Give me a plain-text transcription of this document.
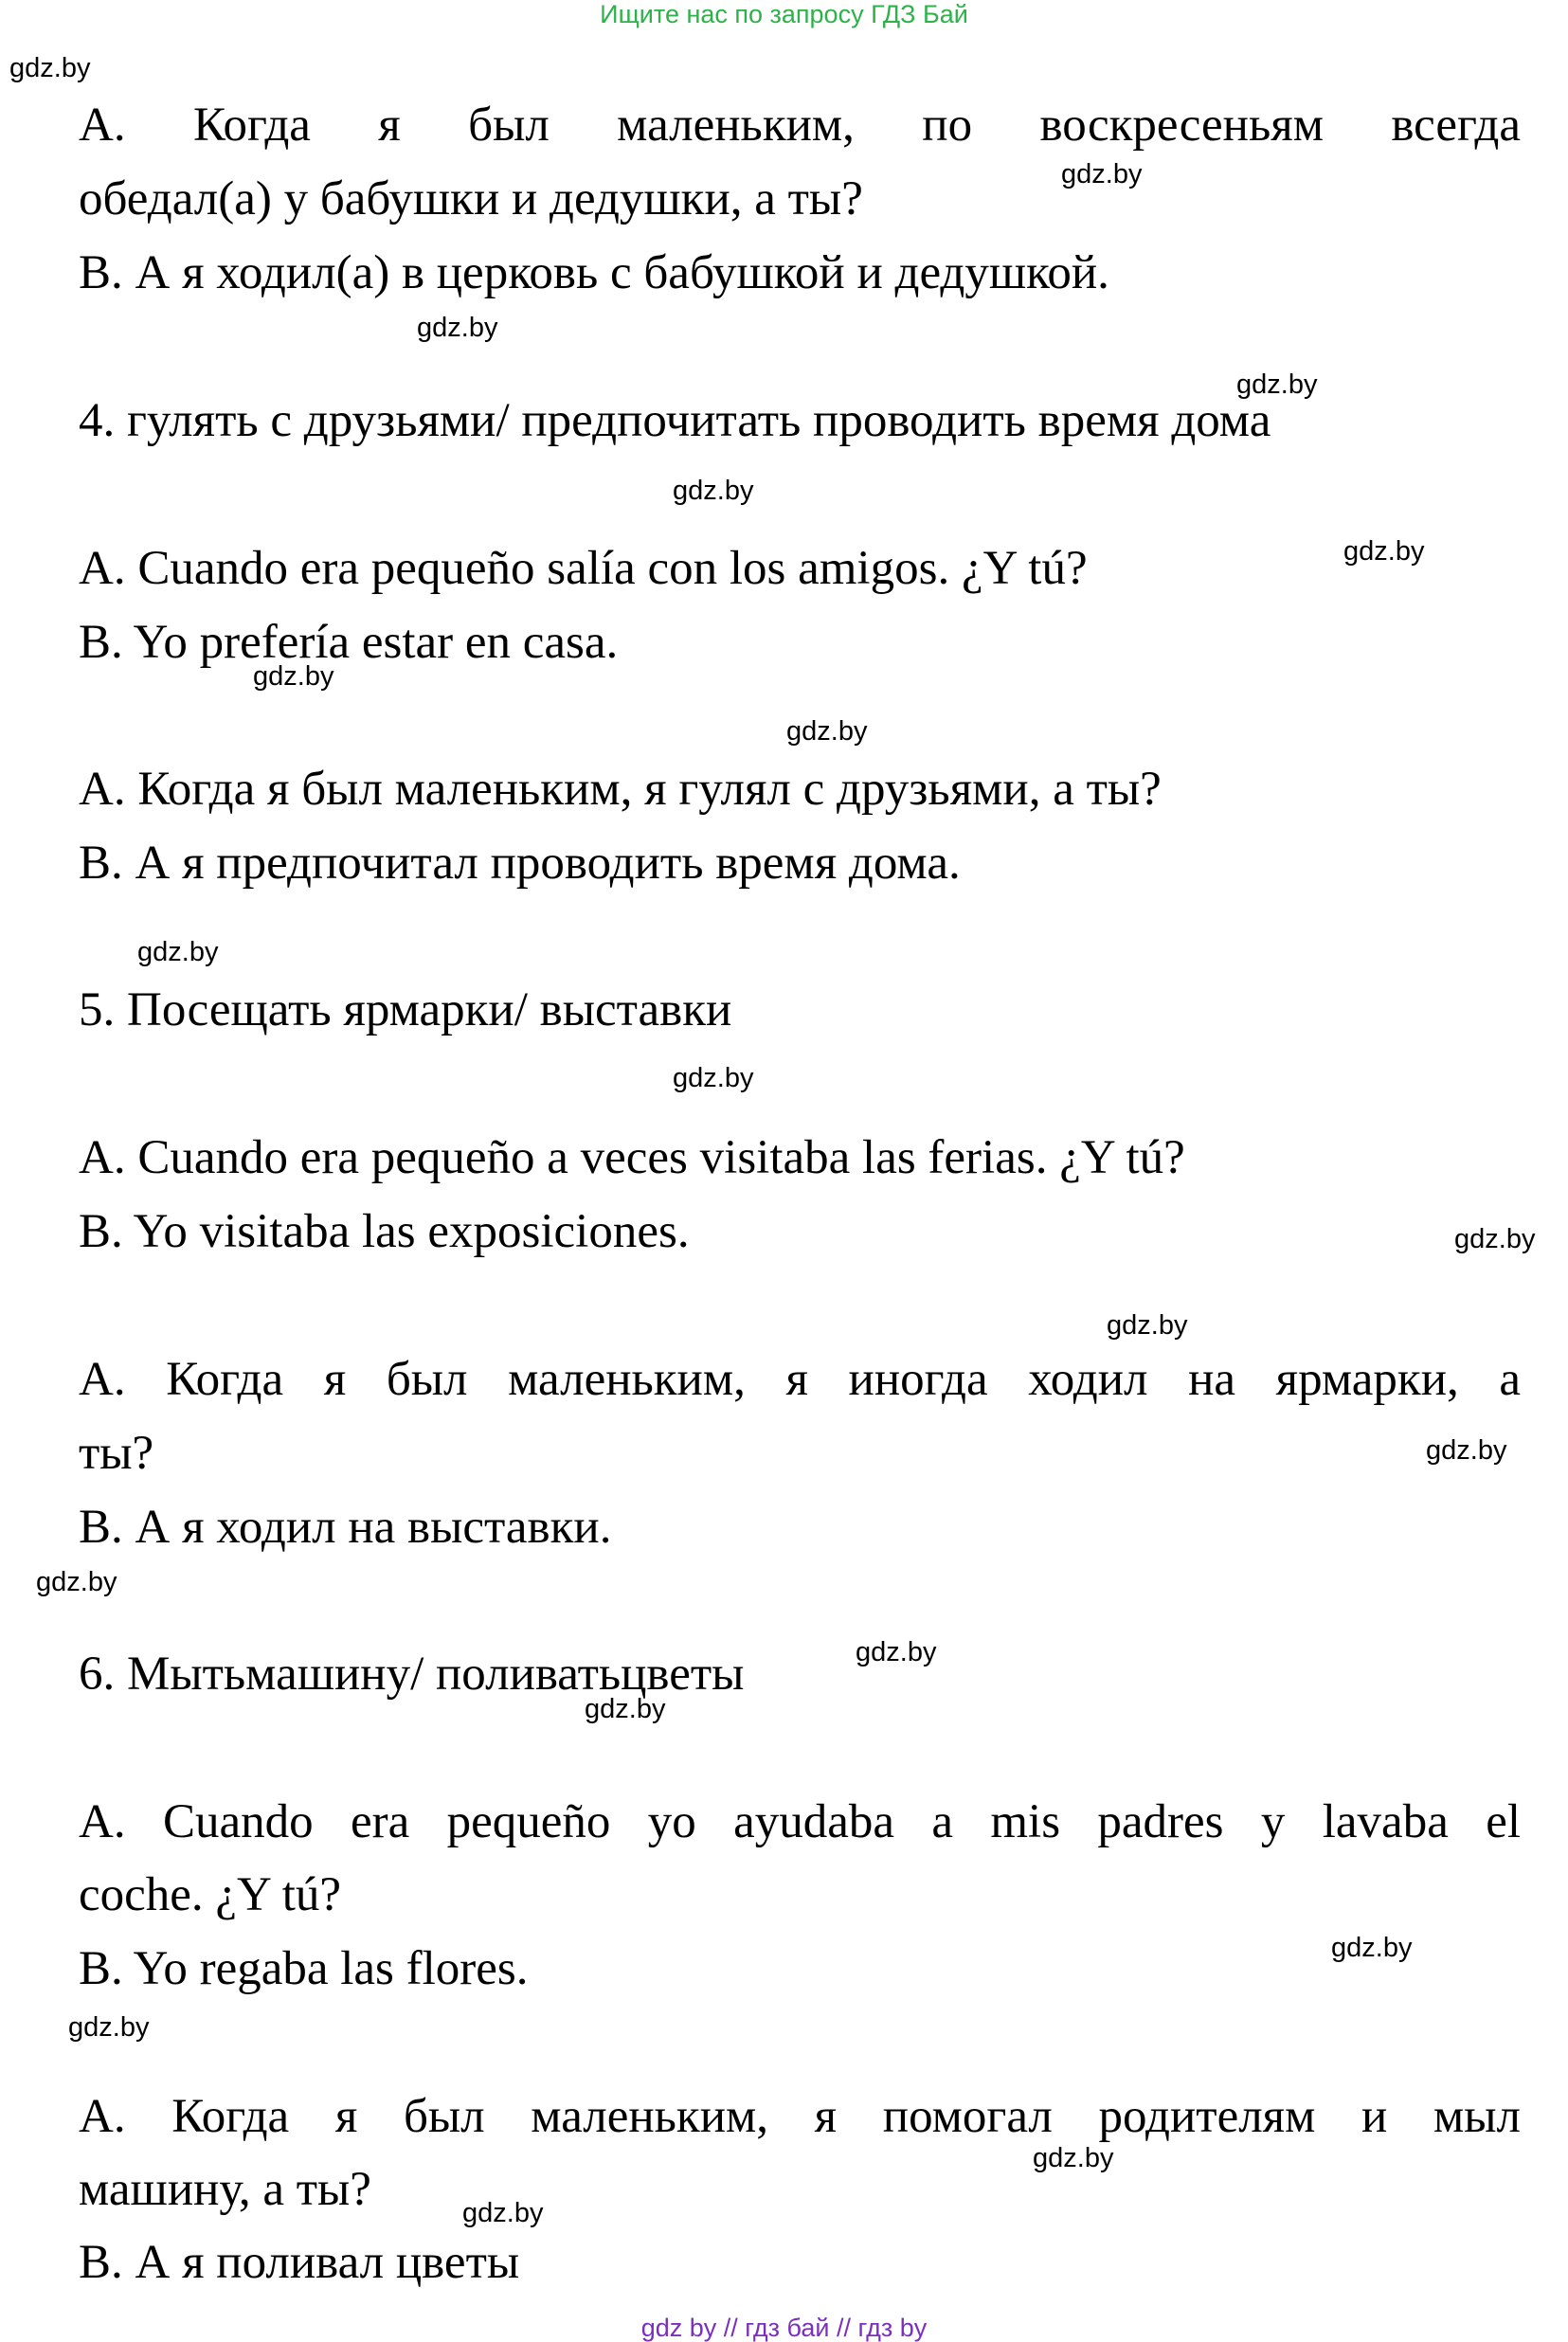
Ищите нас по запросу ГДЗ Бай
A. Когда я был маленьким, по воскресеньям всегда
обедал(а) у бабушки и дедушки, а ты?
B. А я ходил(а) в церковь с бабушкой и дедушкой.
4. гулять с друзьями/ предпочитать проводить время дома
A. Cuando era pequeño salía con los amigos. ¿Y tú?
B. Yo prefería estar en casa.
A. Когда я был маленьким, я гулял с друзьями, а ты?
B. А я предпочитал проводить время дома.
5. Посещать ярмарки/ выставки
A. Cuando era pequeño a veces visitaba las ferias. ¿Y tú?
B. Yo visitaba las exposiciones.
A. Когда я был маленьким, я иногда ходил на ярмарки, а
ты?
B. А я ходил на выставки.
6. Мытьмашину/ поливатьцветы
A. Cuando era pequeño yo ayudaba a mis padres y lavaba el
coche. ¿Y tú?
B. Yo regaba las flores.
A. Когда я был маленьким, я помогал родителям и мыл
машину, а ты?
B. А я поливал цветы
gdz.by
gdz.by
gdz.by
gdz.by
gdz.by
gdz.by
gdz.by
gdz.by
gdz.by
gdz.by
gdz.by
gdz.by
gdz.by
gdz.by
gdz.by
gdz.by
gdz.by
gdz.by
gdz.by
gdz.by
gdz by // гдз бай // гдз by
